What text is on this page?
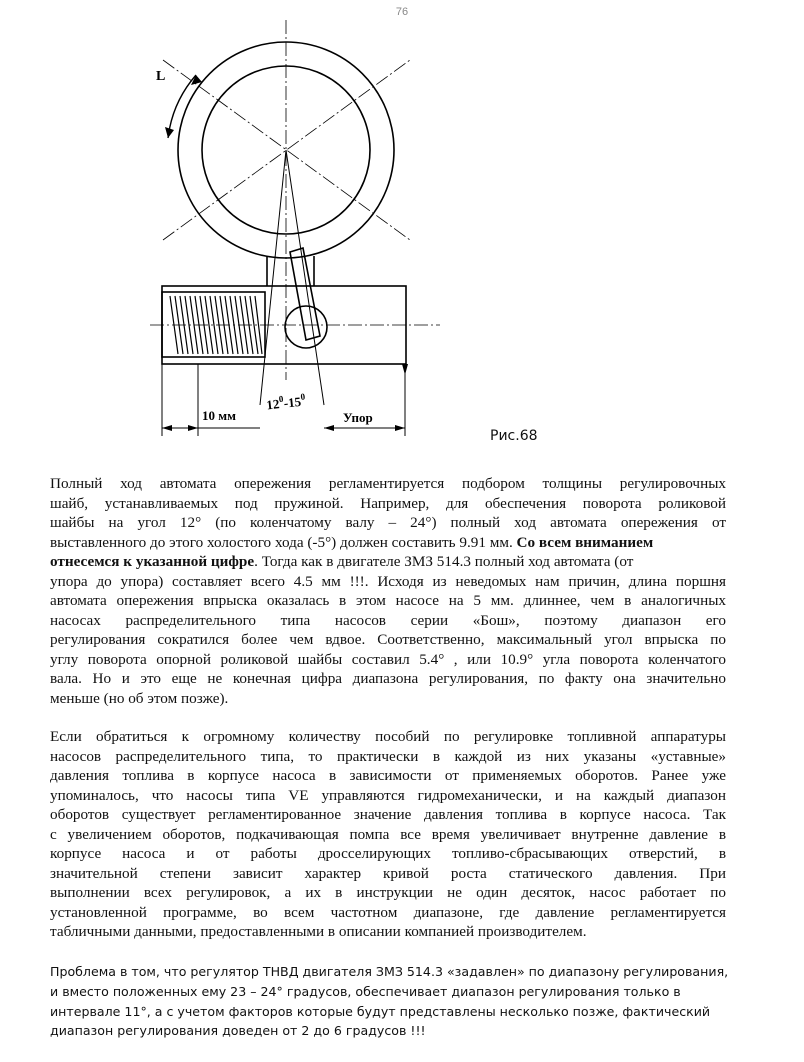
76
L
$12^0-15^0$
10 мм	Упор
Рис.68
Полный ход автомата опережения регламентируется подбором толщины регулировочных
шайб, устанавливаемых под пружиной. Например, для обеспечения поворота роликовой
шайбы на угол 12° (по коленчатому валу – 24°) полный ход автомата опережения от
выставленного до этого холостого хода (-5°) должен составить 9.91 мм. Со всем вниманием
отнесемся к указанной цифре. Тогда как в двигателе ЗМЗ 514.3 полный ход автомата (от
упора до упора) составляет всего 4.5 мм !!!. Исходя из неведомых нам причин, длина поршня
автомата опережения впрыска оказалась в этом насосе на 5 мм. длиннее, чем в аналогичных
насосах распределительного типа насосов серии «Бош», поэтому диапазон его
регулирования сократился более чем вдвое. Соответственно, максимальный угол впрыска по
углу поворота опорной роликовой шайбы составил 5.4° , или 10.9° угла поворота коленчатого
вала. Но и это еще не конечная цифра диапазона регулирования, по факту она значительно
меньше (но об этом позже).
Если обратиться к огромному количеству пособий по регулировке топливной аппаратуры
насосов распределительного типа, то практически в каждой из них указаны «уставные»
давления топлива в корпусе насоса в зависимости от применяемых оборотов. Ранее уже
упоминалось, что насосы типа VE управляются гидромеханически, и на каждый диапазон
оборотов существует регламентированное значение давления топлива в корпусе насоса. Так
с увеличением оборотов, подкачивающая помпа все время увеличивает внутренне давление в
корпусе насоса и от работы дросселирующих топливо-сбрасывающих отверстий, в
значительной степени зависит характер кривой роста статического давления. При
выполнении всех регулировок, а их в инструкции не один десяток, насос работает по
установленной программе, во всем частотном диапазоне, где давление регламентируется
табличными данными, предоставленными в описании компанией производителем.
Проблема в том, что регулятор ТНВД двигателя ЗМЗ 514.3 «задавлен» по диапазону регулирования,
и вместо положенных ему 23 – 24° градусов, обеспечивает диапазон регулирования только в
интервале 11°, а с учетом факторов которые будут представлены несколько позже, фактический
диапазон регулирования доведен от 2 до 6 градусов !!!
